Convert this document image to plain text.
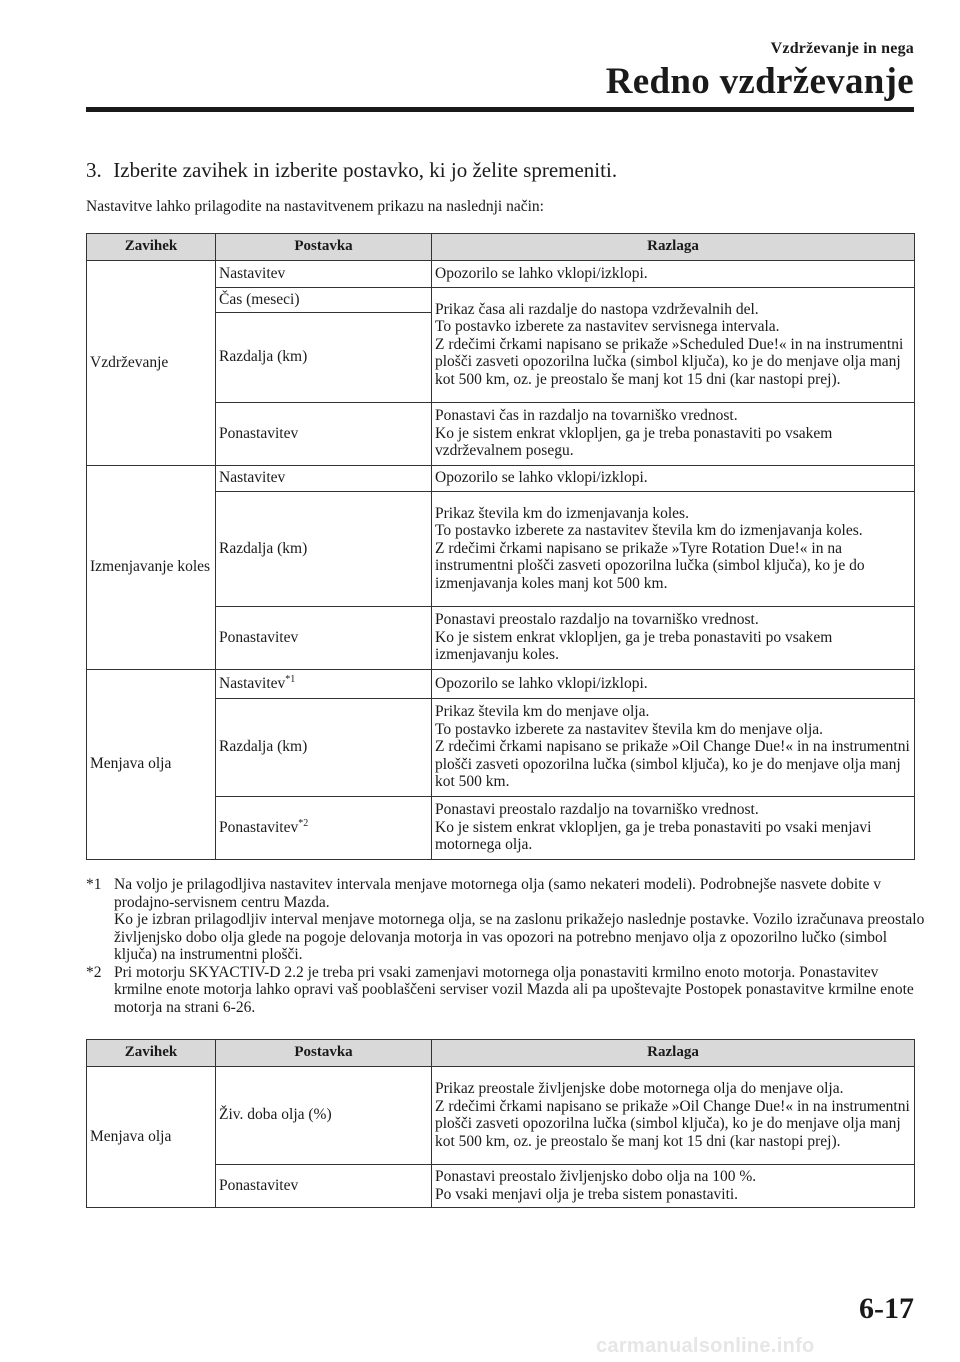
Vzdrževanje in nega
Redno vzdrževanje
3. Izberite zavihek in izberite postavko, ki jo želite spremeniti.
Nastavitve lahko prilagodite na nastavitvenem prikazu na naslednji način:
Zavihek	Postavka	Razlaga
Vzdrževanje	Nastavitev	Opozorilo se lahko vklopi/izklopi.
	Čas (meseci)	Prikaz časa ali razdalje do nastopa vzdrževalnih del.
To postavko izberete za nastavitev servisnega intervala.
Z rdečimi črkami napisano se prikaže »Scheduled Due!« in na instrumentni plošči zasveti opozorilna lučka (simbol ključa), ko je do menjave olja manj kot 500 km, oz. je preostalo še manj kot 15 dni (kar nastopi prej).
	Razdalja (km)	
	Ponastavitev	Ponastavi čas in razdaljo na tovarniško vrednost.
Ko je sistem enkrat vklopljen, ga je treba ponastaviti po vsakem vzdrževalnem posegu.
Izmenjavanje koles	Nastavitev	Opozorilo se lahko vklopi/izklopi.
	Razdalja (km)	Prikaz števila km do izmenjavanja koles.
To postavko izberete za nastavitev števila km do izmenjavanja koles.
Z rdečimi črkami napisano se prikaže »Tyre Rotation Due!« in na instrumentni plošči zasveti opozorilna lučka (simbol ključa), ko je do izmenjavanja koles manj kot 500 km.
	Ponastavitev	Ponastavi preostalo razdaljo na tovarniško vrednost.
Ko je sistem enkrat vklopljen, ga je treba ponastaviti po vsakem izmenjavanju koles.
Menjava olja	Nastavitev$^{*1}$	Opozorilo se lahko vklopi/izklopi.
	Razdalja (km)	Prikaz števila km do menjave olja.
To postavko izberete za nastavitev števila km do menjave olja.
Z rdečimi črkami napisano se prikaže »Oil Change Due!« in na instrumentni plošči zasveti opozorilna lučka (simbol ključa), ko je do menjave olja manj kot 500 km.
	Ponastavitev$^{*2}$	Ponastavi preostalo razdaljo na tovarniško vrednost.
Ko je sistem enkrat vklopljen, ga je treba ponastaviti po vsaki menjavi motornega olja.
*1 Na voljo je prilagodljiva nastavitev intervala menjave motornega olja (samo nekateri modeli). Podrobnejše nasvete dobite v prodajno-servisnem centru Mazda.
Ko je izbran prilagodljiv interval menjave motornega olja, se na zaslonu prikažejo naslednje postavke. Vozilo izračunava preostalo življenjsko dobo olja glede na pogoje delovanja motorja in vas opozori na potrebno menjavo olja z opozorilno lučko (simbol ključa) na instrumentni plošči.
*2 Pri motorju SKYACTIV-D 2.2 je treba pri vsaki zamenjavi motornega olja ponastaviti krmilno enoto motorja. Ponastavitev krmilne enote motorja lahko opravi vaš pooblaščeni serviser vozil Mazda ali pa upoštevajte Postopek ponastavitve krmilne enote motorja na strani 6-26.
Zavihek	Postavka	Razlaga
Menjava olja	Živ. doba olja (%)	Prikaz preostale življenjske dobe motornega olja do menjave olja.
Z rdečimi črkami napisano se prikaže »Oil Change Due!« in na instrumentni plošči zasveti opozorilna lučka (simbol ključa), ko je do menjave olja manj kot 500 km, oz. je preostalo še manj kot 15 dni (kar nastopi prej).
	Ponastavitev	Ponastavi preostalo življenjsko dobo olja na 100 %.
Po vsaki menjavi olja je treba sistem ponastaviti.
6-17
carmanualsonline.info
